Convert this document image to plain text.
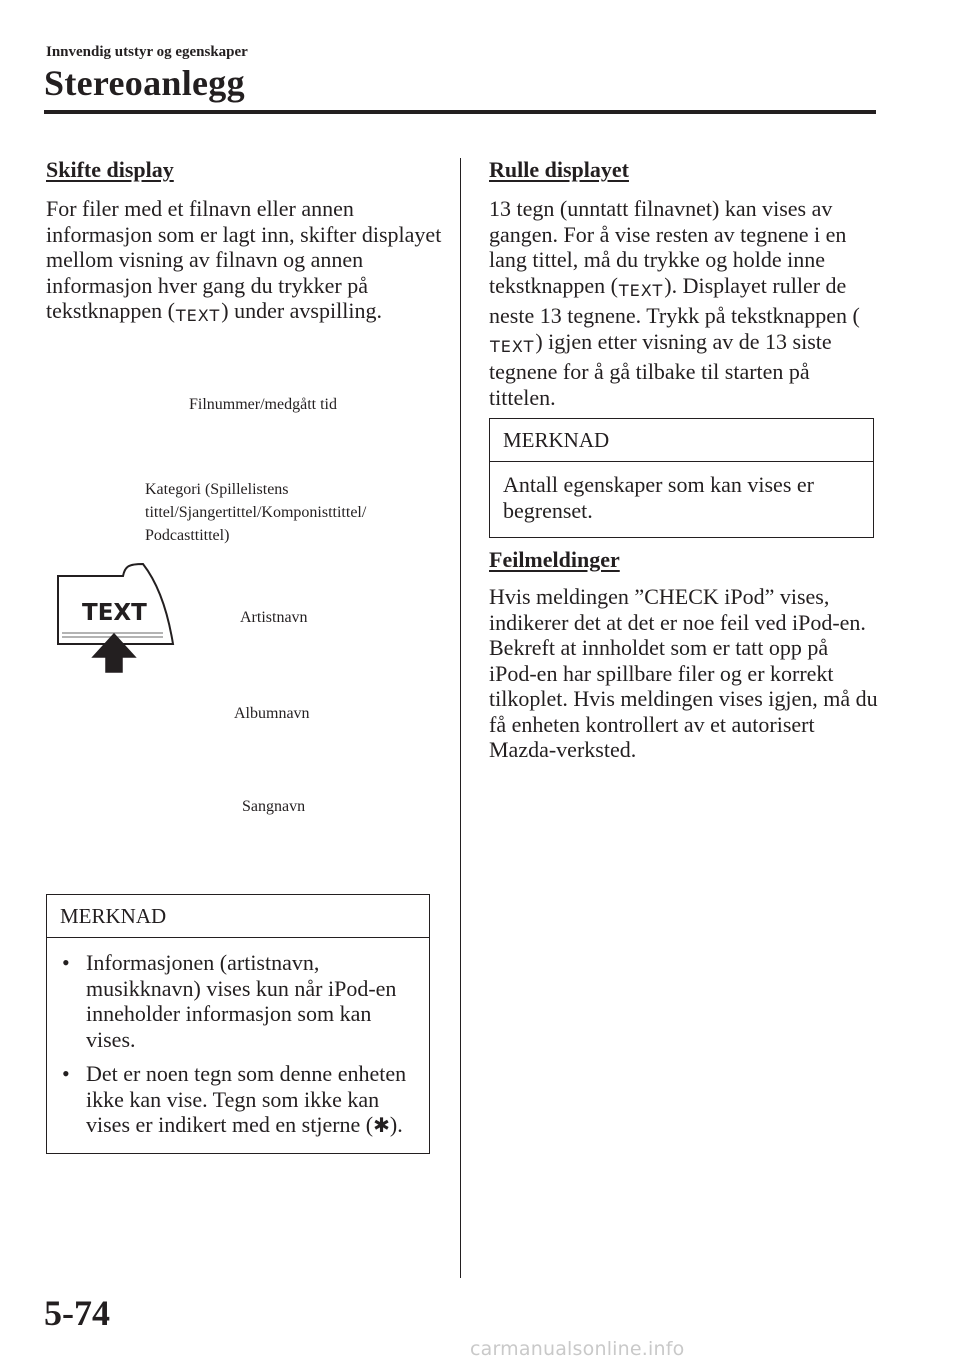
Innvendig utstyr og egenskaper
Stereoanlegg
Skifte display
For filer med et filnavn eller annen informasjon som er lagt inn, skifter displayet mellom visning av filnavn og annen informasjon hver gang du trykker på tekstknappen (TEXT) under avspilling.
Filnummer/medgått tid
Kategori (Spillelistens
tittel/Sjangertittel/Komponisttittel/
Podcasttittel)
TEXT	Artistnavn
Albumnavn
Sangnavn
MERKNAD
• Informasjonen (artistnavn, musikknavn) vises kun når iPod-en inneholder informasjon som kan vises.
• Det er noen tegn som denne enheten ikke kan vise. Tegn som ikke kan vises er indikert med en stjerne (✱).
Rulle displayet
13 tegn (unntatt filnavnet) kan vises av gangen. For å vise resten av tegnene i en lang tittel, må du trykke og holde inne tekstknappen (TEXT). Displayet ruller de neste 13 tegnene. Trykk på tekstknappen (TEXT) igjen etter visning av de 13 siste tegnene for å gå tilbake til starten på tittelen.
MERKNAD
Antall egenskaper som kan vises er begrenset.
Feilmeldinger
Hvis meldingen ”CHECK iPod” vises, indikerer det at det er noe feil ved iPod-en. Bekreft at innholdet som er tatt opp på iPod-en har spillbare filer og er korrekt tilkoplet. Hvis meldingen vises igjen, må du få enheten kontrollert av et autorisert Mazda-verksted.
5-74
carmanualsonline.info
